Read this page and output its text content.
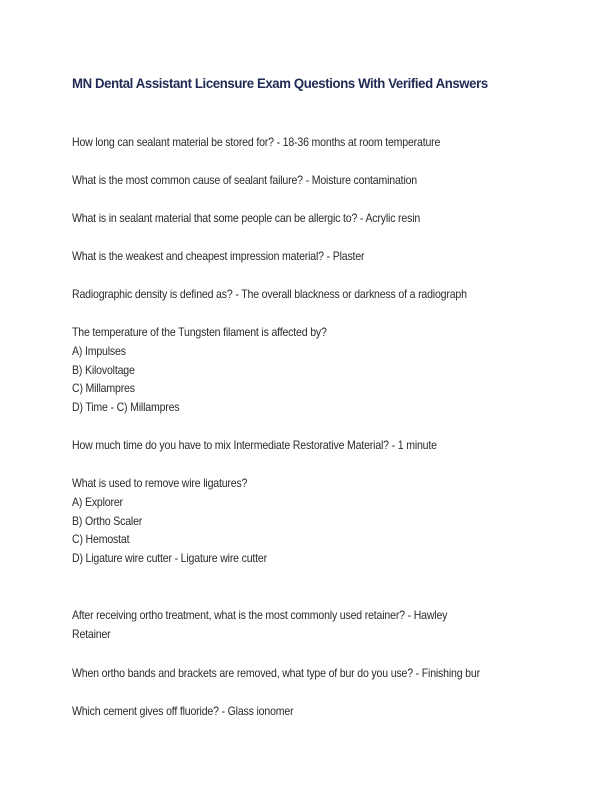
MN Dental Assistant Licensure Exam Questions With Verified Answers
How long can sealant material be stored for? - 18-36 months at room temperature
What is the most common cause of sealant failure? - Moisture contamination
What is in sealant material that some people can be allergic to? - Acrylic resin
What is the weakest and cheapest impression material? - Plaster
Radiographic density is defined as? - The overall blackness or darkness of a radiograph
The temperature of the Tungsten filament is affected by?
A) Impulses
B) Kilovoltage
C) Millampres
D) Time - C) Millampres
How much time do you have to mix Intermediate Restorative Material? - 1 minute
What is used to remove wire ligatures?
A) Explorer
B) Ortho Scaler
C) Hemostat
D) Ligature wire cutter - Ligature wire cutter
After receiving ortho treatment, what is the most commonly used retainer? - Hawley
Retainer
When ortho bands and brackets are removed, what type of bur do you use? - Finishing bur
Which cement gives off fluoride? - Glass ionomer
